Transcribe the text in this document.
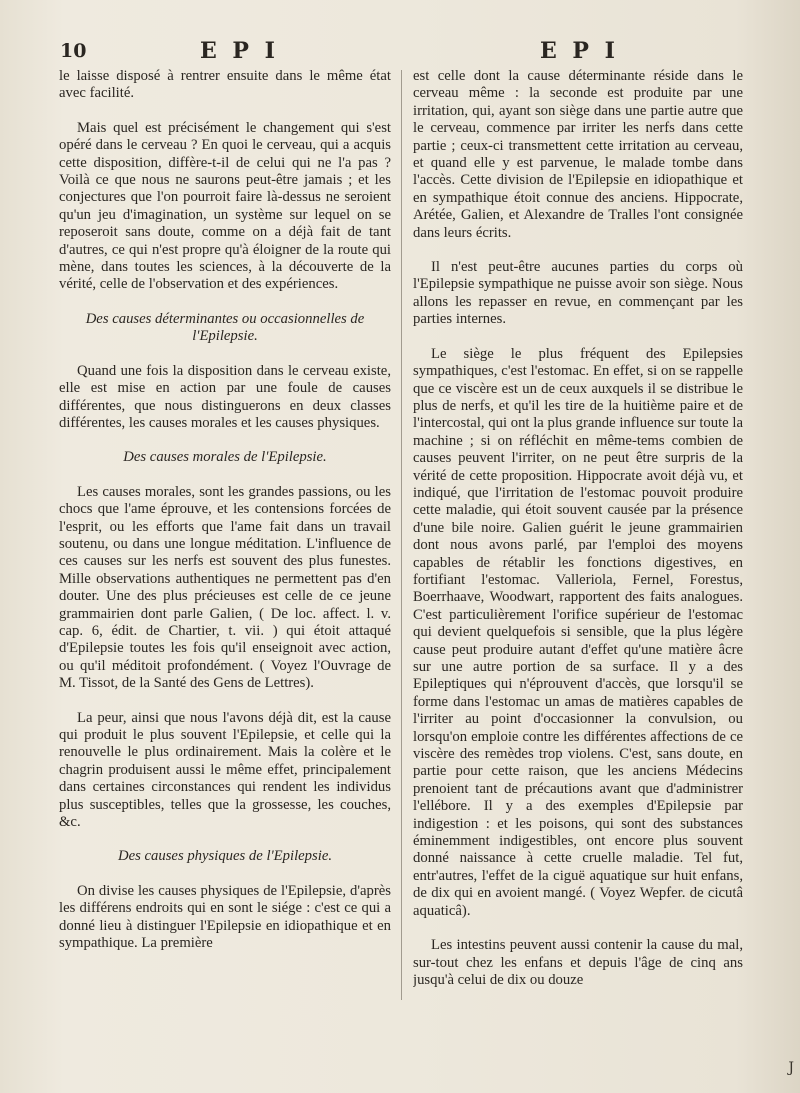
10	E P I	E P I

le laisse disposé à rentrer ensuite dans le même état avec facilité.

Mais quel est précisément le changement qui s'est opéré dans le cerveau ? En quoi le cerveau, qui a acquis cette disposition, diffère-t-il de celui qui ne l'a pas ? Voilà ce que nous ne saurons peut-être jamais ; et les conjectures que l'on pourroit faire là-dessus ne seroient qu'un jeu d'imagination, un système sur lequel on se reposeroit sans doute, comme on a déjà fait de tant d'autres, ce qui n'est propre qu'à éloigner de la route qui mène, dans toutes les sciences, à la découverte de la vérité, celle de l'observation et des expériences.

Des causes déterminantes ou occasionnelles de l'Epilepsie.

Quand une fois la disposition dans le cerveau existe, elle est mise en action par une foule de causes différentes, que nous distinguerons en deux classes différentes, les causes morales et les causes physiques.

Des causes morales de l'Epilepsie.

Les causes morales, sont les grandes passions, ou les chocs que l'ame éprouve, et les contensions forcées de l'esprit, ou les efforts que l'ame fait dans un travail soutenu, ou dans une longue méditation. L'influence de ces causes sur les nerfs est souvent des plus funestes. Mille observations authentiques ne permettent pas d'en douter. Une des plus précieuses est celle de ce jeune grammairien dont parle Galien, ( De loc. affect. l. v. cap. 6, édit. de Chartier, t. vii. ) qui étoit attaqué d'Epilepsie toutes les fois qu'il enseignoit avec action, ou qu'il méditoit profondément. ( Voyez l'Ouvrage de M. Tissot, de la Santé des Gens de Lettres).

La peur, ainsi que nous l'avons déjà dit, est la cause qui produit le plus souvent l'Epilepsie, et celle qui la renouvelle le plus ordinairement. Mais la colère et le chagrin produisent aussi le même effet, principalement dans certaines circonstances qui rendent les individus plus susceptibles, telles que la grossesse, les couches, &c.

Des causes physiques de l'Epilepsie.

On divise les causes physiques de l'Epilepsie, d'après les différens endroits qui en sont le siége : c'est ce qui a donné lieu à distinguer l'Epilepsie en idiopathique et en sympathique. La première

est celle dont la cause déterminante réside dans le cerveau même : la seconde est produite par une irritation, qui, ayant son siège dans une partie autre que le cerveau, commence par irriter les nerfs dans cette partie ; ceux-ci transmettent cette irritation au cerveau, et quand elle y est parvenue, le malade tombe dans l'accès. Cette division de l'Epilepsie en idiopathique et en sympathique étoit connue des anciens. Hippocrate, Arétée, Galien, et Alexandre de Tralles l'ont consignée dans leurs écrits.

Il n'est peut-être aucunes parties du corps où l'Epilepsie sympathique ne puisse avoir son siège. Nous allons les repasser en revue, en commençant par les parties internes.

Le siège le plus fréquent des Epilepsies sympathiques, c'est l'estomac. En effet, si on se rappelle que ce viscère est un de ceux auxquels il se distribue le plus de nerfs, et qu'il les tire de la huitième paire et de l'intercostal, qui ont la plus grande influence sur toute la machine ; si on réfléchit en même-tems combien de causes peuvent l'irriter, on ne peut être surpris de la vérité de cette proposition. Hippocrate avoit déjà vu, et indiqué, que l'irritation de l'estomac pouvoit produire cette maladie, qui étoit souvent causée par la présence d'une bile noire. Galien guérit le jeune grammairien dont nous avons parlé, par l'emploi des moyens capables de rétablir les fonctions digestives, en fortifiant l'estomac. Valleriola, Fernel, Forestus, Boerrhaave, Woodwart, rapportent des faits analogues. C'est particulièrement l'orifice supérieur de l'estomac qui devient quelquefois si sensible, que la plus légère cause peut produire autant d'effet qu'une matière âcre sur une autre portion de sa surface. Il y a des Epileptiques qui n'éprouvent d'accès, que lorsqu'il se forme dans l'estomac un amas de matières capables de l'irriter au point d'occasionner la convulsion, ou lorsqu'on emploie contre les différentes affections de ce viscère des remèdes trop violens. C'est, sans doute, en partie pour cette raison, que les anciens Médecins prenoient tant de précautions avant que d'administrer l'ellébore. Il y a des exemples d'Epilepsie par indigestion : et les poisons, qui sont des substances éminemment indigestibles, ont encore plus souvent donné naissance à cette cruelle maladie. Tel fut, entr'autres, l'effet de la ciguë aquatique sur huit enfans, de dix qui en avoient mangé. ( Voyez Wepfer. de cicutâ aquaticâ).

Les intestins peuvent aussi contenir la cause du mal, sur-tout chez les enfans et depuis l'âge de cinq ans jusqu'à celui de dix ou douze

J
